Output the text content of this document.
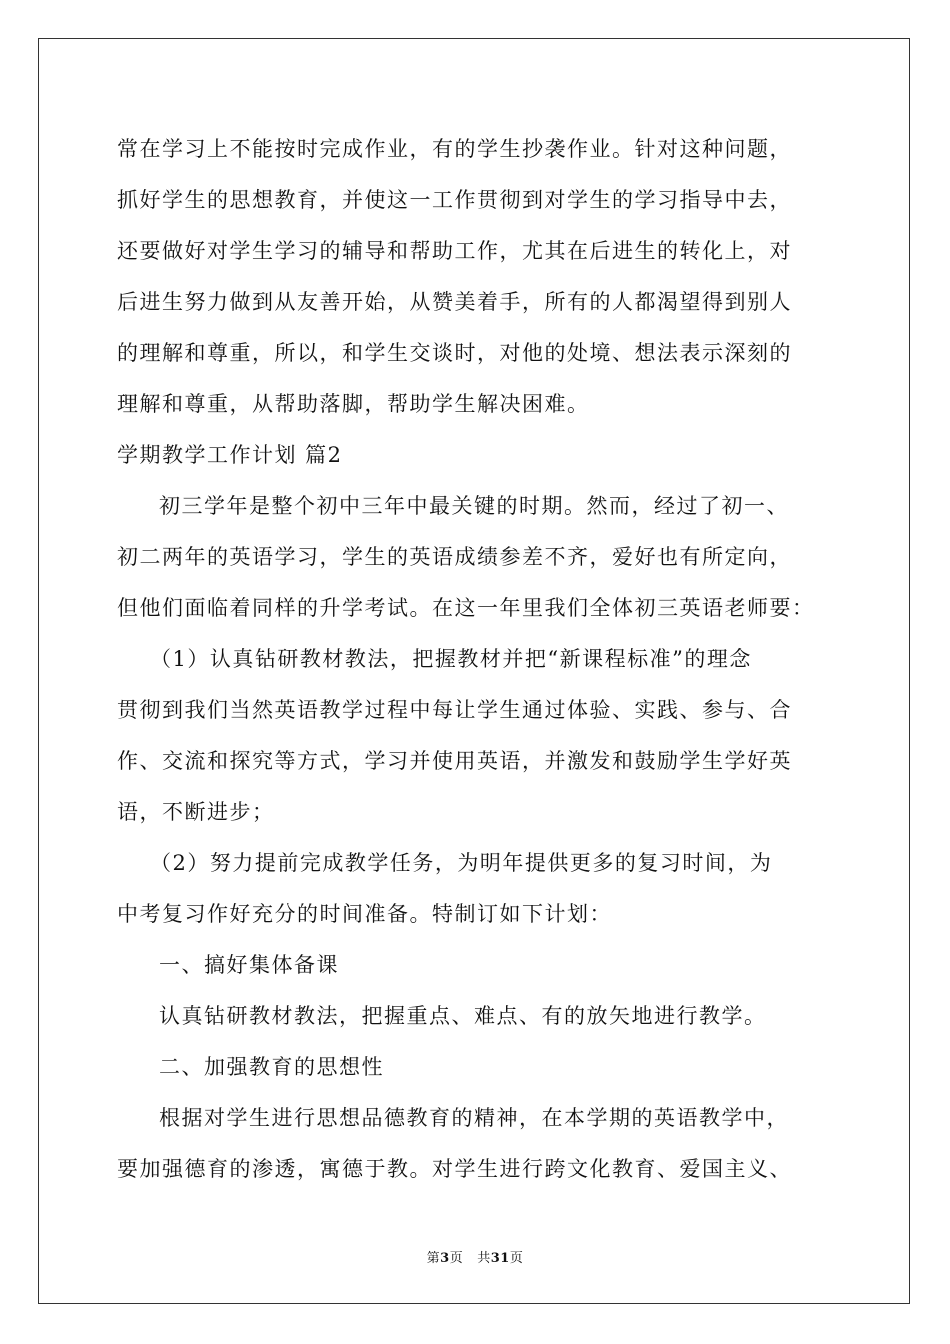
常在学习上不能按时完成作业，有的学生抄袭作业。针对这种问题，
抓好学生的思想教育，并使这一工作贯彻到对学生的学习指导中去，
还要做好对学生学习的辅导和帮助工作，尤其在后进生的转化上，对
后进生努力做到从友善开始，从赞美着手，所有的人都渴望得到别人
的理解和尊重，所以，和学生交谈时，对他的处境、想法表示深刻的
理解和尊重，从帮助落脚，帮助学生解决困难。
学期教学工作计划 篇2
初三学年是整个初中三年中最关键的时期。然而，经过了初一、
初二两年的英语学习，学生的英语成绩参差不齐，爱好也有所定向，
但他们面临着同样的升学考试。在这一年里我们全体初三英语老师要：
（1）认真钻研教材教法，把握教材并把“新课程标准”的理念
贯彻到我们当然英语教学过程中每让学生通过体验、实践、参与、合
作、交流和探究等方式，学习并使用英语，并激发和鼓励学生学好英
语，不断进步；
（2）努力提前完成教学任务，为明年提供更多的复习时间，为
中考复习作好充分的时间准备。特制订如下计划：
一、搞好集体备课
认真钻研教材教法，把握重点、难点、有的放矢地进行教学。
二、加强教育的思想性
根据对学生进行思想品德教育的精神，在本学期的英语教学中，
要加强德育的渗透，寓德于教。对学生进行跨文化教育、爱国主义、
第3页 共31页
